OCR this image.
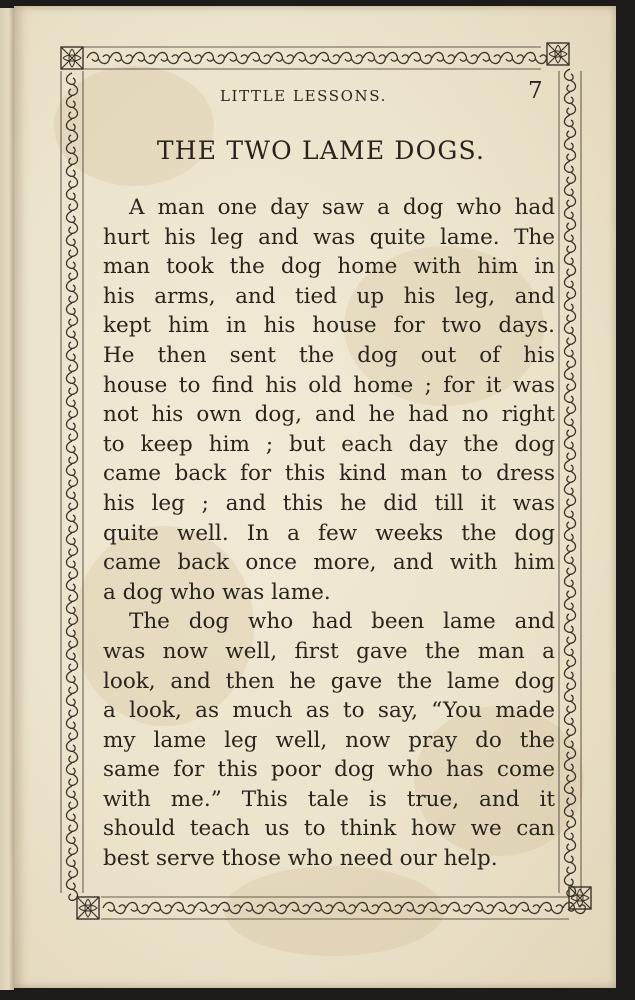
LITTLE LESSONS.	7
THE TWO LAME DOGS.

A man one day saw a dog who had
hurt his leg and was quite lame. The
man took the dog home with him in
his arms, and tied up his leg, and
kept him in his house for two days.
He then sent the dog out of his
house to find his old home ; for it was
not his own dog, and he had no right
to keep him ; but each day the dog
came back for this kind man to dress
his leg ; and this he did till it was
quite well. In a few weeks the dog
came back once more, and with him
a dog who was lame.

The dog who had been lame and
was now well, first gave the man a
look, and then he gave the lame dog
a look, as much as to say, “You made
my lame leg well, now pray do the
same for this poor dog who has come
with me.” This tale is true, and it
should teach us to think how we can
best serve those who need our help.
